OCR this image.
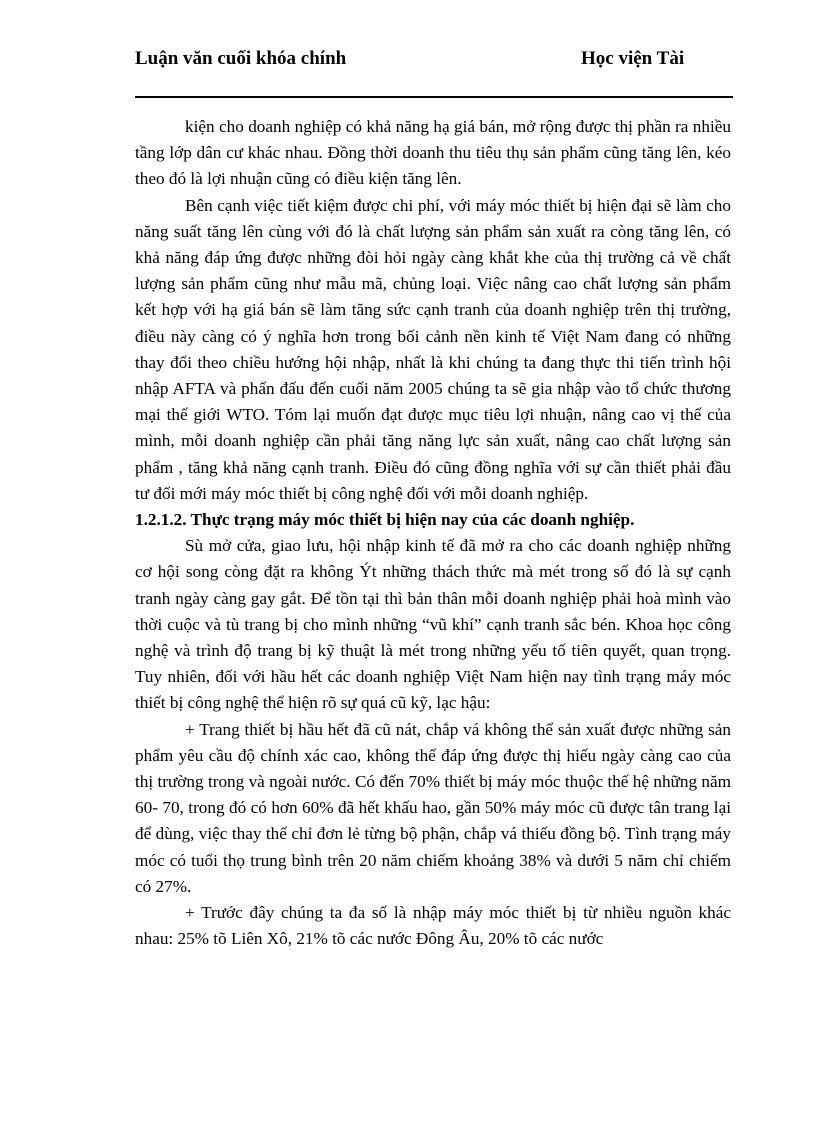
Luận văn cuối khóa chính	Học viện Tài

kiện cho doanh nghiệp có khả năng hạ giá bán, mở rộng được thị phần ra nhiều tầng lớp dân cư khác nhau. Đồng thời doanh thu tiêu thụ sản phẩm cũng tăng lên, kéo theo đó là lợi nhuận cũng có điều kiện tăng lên.

Bên cạnh việc tiết kiệm được chi phí, với máy móc thiết bị hiện đại sẽ làm cho năng suất tăng lên cùng với đó là chất lượng sản phẩm sản xuất ra còng tăng lên, có khả năng đáp ứng được những đòi hỏi ngày càng khắt khe của thị trường cả về chất lượng sản phẩm cũng như mẫu mã, chủng loại. Việc nâng cao chất lượng sản phẩm kết hợp với hạ giá bán sẽ làm tăng sức cạnh tranh của doanh nghiệp trên thị trường, điều này càng có ý nghĩa hơn trong bối cảnh nền kinh tế Việt Nam đang có những thay đổi theo chiều hướng hội nhập, nhất là khi chúng ta đang thực thi tiến trình hội nhập AFTA và phấn đấu đến cuối năm 2005 chúng ta sẽ gia nhập vào tổ chức thương mại thế giới WTO. Tóm lại muốn đạt được mục tiêu lợi nhuận, nâng cao vị thế của mình, mỗi doanh nghiệp cần phải tăng năng lực sản xuất, nâng cao chất lượng sản phẩm , tăng khả năng cạnh tranh. Điều đó cũng đồng nghĩa với sự cần thiết phải đầu tư đổi mới máy móc thiết bị công nghệ đối với mỗi doanh nghiệp.

1.2.1.2. Thực trạng máy móc thiết bị hiện nay của các doanh nghiệp.

Sù mở cửa, giao lưu, hội nhập kinh tế đã mở ra cho các doanh nghiệp những cơ hội song còng đặt ra không Ýt những thách thức mà mét trong số đó là sự cạnh tranh ngày càng gay gắt. Để tồn tại thì bản thân mỗi doanh nghiệp phải hoà mình vào thời cuộc và tù trang bị cho mình những “vũ khí” cạnh tranh sắc bén. Khoa học công nghệ và trình độ trang bị kỹ thuật là mét trong những yếu tố tiên quyết, quan trọng. Tuy nhiên, đối với hầu hết các doanh nghiệp Việt Nam hiện nay tình trạng máy móc thiết bị công nghệ thể hiện rõ sự quá cũ kỹ, lạc hậu:

+ Trang thiết bị hầu hết đã cũ nát, chắp vá không thể sản xuất được những sản phẩm yêu cầu độ chính xác cao, không thể đáp ứng được thị hiếu ngày càng cao của thị trường trong và ngoài nước. Có đến 70% thiết bị máy móc thuộc thế hệ những năm 60- 70, trong đó có hơn 60% đã hết khấu hao, gần 50% máy móc cũ được tân trang lại để dùng, việc thay thế chỉ đơn lẻ từng bộ phận, chắp vá thiếu đồng bộ. Tình trạng máy móc có tuổi thọ trung bình trên 20 năm chiếm khoảng 38% và dưới 5 năm chỉ chiếm có 27%.

+ Trước đây chúng ta đa số là nhập máy móc thiết bị từ nhiều nguồn khác nhau: 25% tõ Liên Xô, 21% tõ các nước Đông Âu, 20% tõ các nước
